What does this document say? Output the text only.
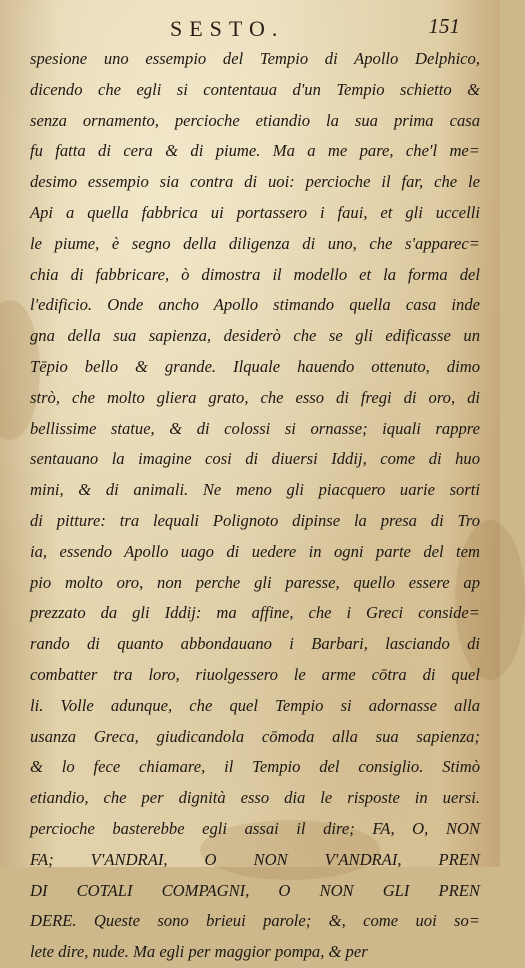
SESTO.	151
spesione uno essempio del Tempio di Apollo Delphico,
dicendo che egli si contentaua d'un Tempio schietto &
senza ornamento, percioche etiandio la sua prima casa
fu fatta di cera & di piume. Ma a me pare, che'l me=
desimo essempio sia contra di uoi: percioche il far, che le
Api a quella fabbrica ui portassero i faui, et gli uccelli
le piume, è segno della diligenza di uno, che s'apparec=
chia di fabbricare, ò dimostra il modello et la forma del
l'edificio. Onde ancho Apollo stimando quella casa inde
gna della sua sapienza, desiderò che se gli edificasse un
Tēpio bello & grande. Ilquale hauendo ottenuto, dimo
strò, che molto gliera grato, che esso di fregi di oro, di
bellissime statue, & di colossi si ornasse; iquali rappre
sentauano la imagine cosi di diuersi Iddij, come di huo
mini, & di animali. Ne meno gli piacquero uarie sorti
di pitture: tra lequali Polignoto dipinse la presa di Tro
ia, essendo Apollo uago di uedere in ogni parte del tem
pio molto oro, non perche gli paresse, quello essere ap
prezzato da gli Iddij: ma affine, che i Greci conside=
rando di quanto abbondauano i Barbari, lasciando di
combatter tra loro, riuolgessero le arme cōtra di quel
li. Volle adunque, che quel Tempio si adornasse alla
usanza Greca, giudicandola cōmoda alla sua sapienza;
& lo fece chiamare, il Tempio del consiglio. Stimò
etiandio, che per dignità esso dia le risposte in uersi.
percioche basterebbe egli assai il dire; FA, O, NON
FA; V'ANDRAI, O NON V'ANDRAI, PREN
DI COTALI COMPAGNI, O NON GLI PREN
DERE. Queste sono brieui parole; &, come uoi so=
lete dire, nude. Ma egli per maggior pompa, & per
